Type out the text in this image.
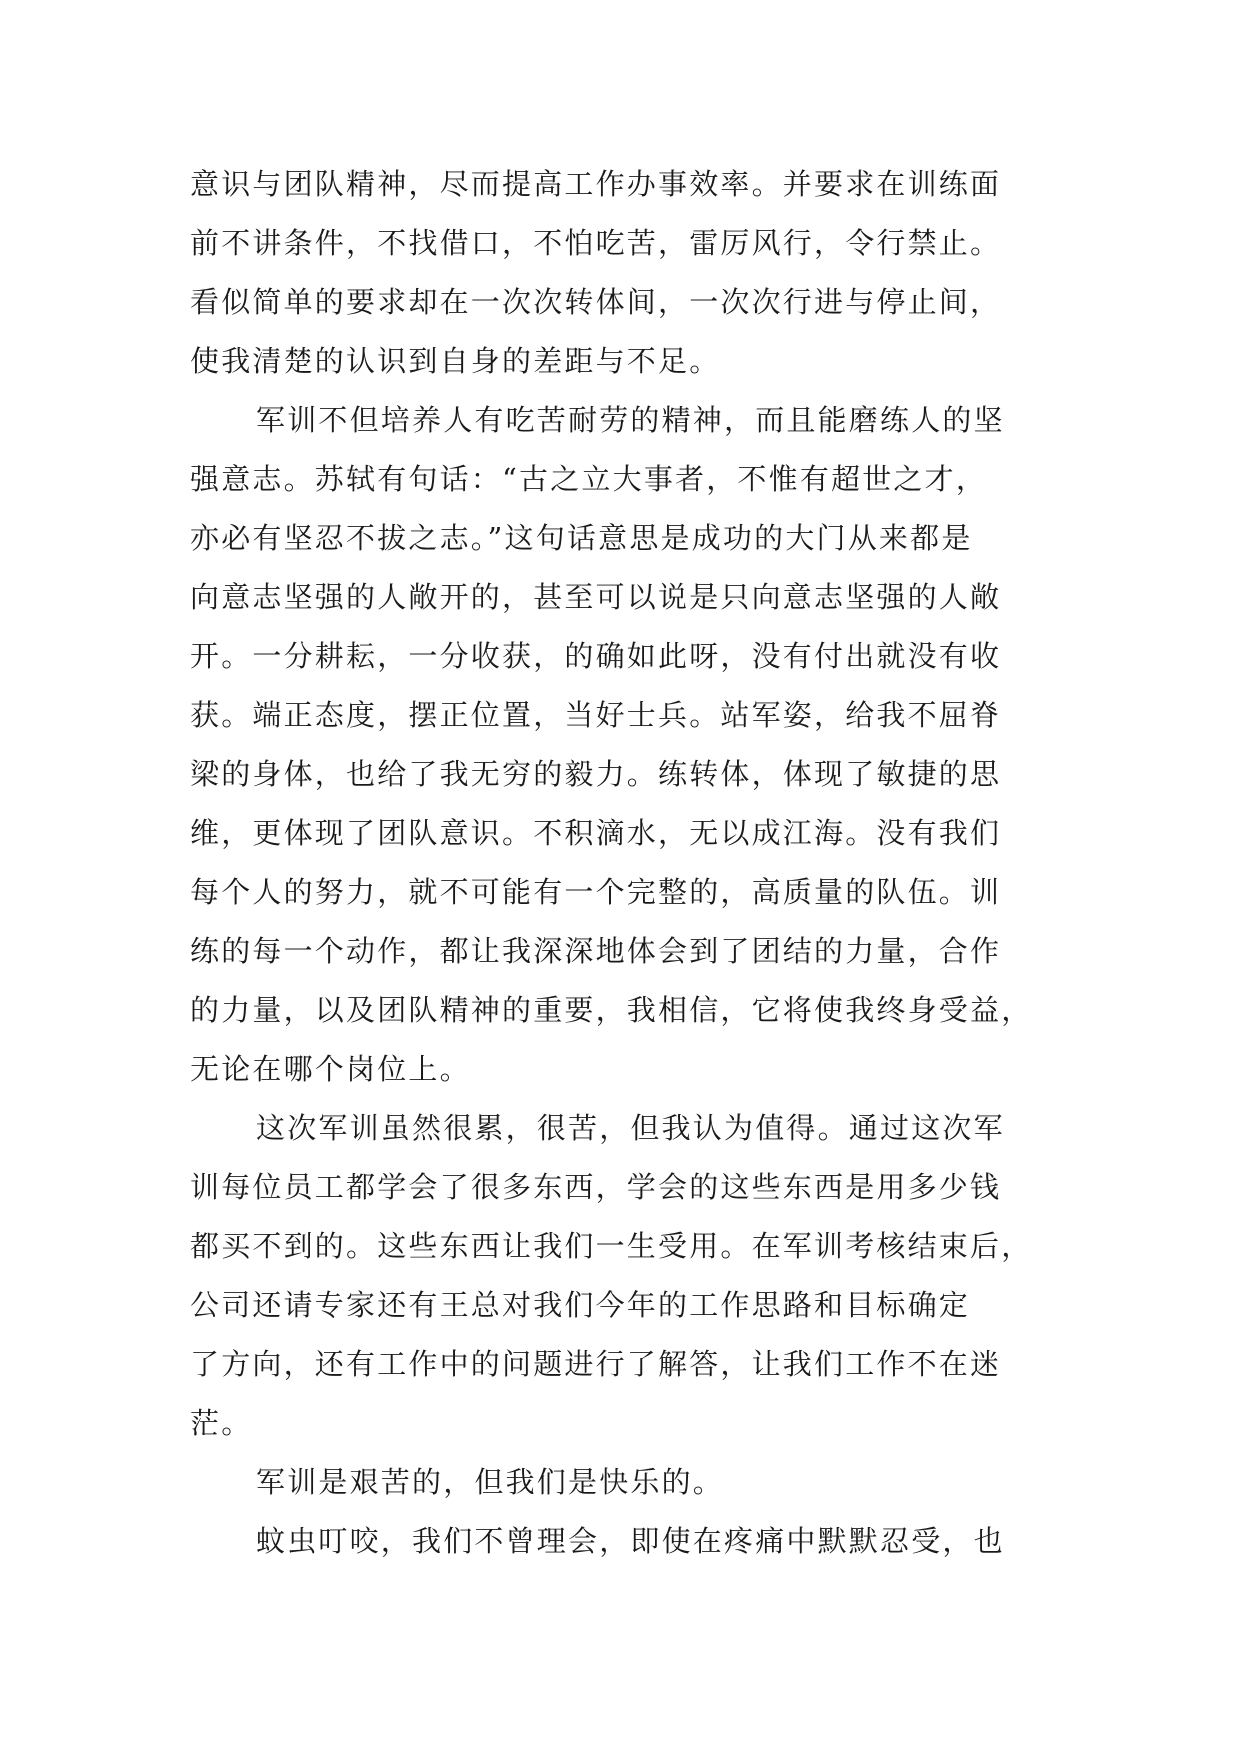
意识与团队精神，尽而提高工作办事效率。并要求在训练面
前不讲条件，不找借口，不怕吃苦，雷厉风行，令行禁止。
看似简单的要求却在一次次转体间，一次次行进与停止间，
使我清楚的认识到自身的差距与不足。
军训不但培养人有吃苦耐劳的精神，而且能磨练人的坚
强意志。苏轼有句话：“古之立大事者，不惟有超世之才，
亦必有坚忍不拔之志。”这句话意思是成功的大门从来都是
向意志坚强的人敞开的，甚至可以说是只向意志坚强的人敞
开。一分耕耘，一分收获，的确如此呀，没有付出就没有收
获。端正态度，摆正位置，当好士兵。站军姿，给我不屈脊
梁的身体，也给了我无穷的毅力。练转体，体现了敏捷的思
维，更体现了团队意识。不积滴水，无以成江海。没有我们
每个人的努力，就不可能有一个完整的，高质量的队伍。训
练的每一个动作，都让我深深地体会到了团结的力量，合作
的力量，以及团队精神的重要，我相信，它将使我终身受益，
无论在哪个岗位上。
这次军训虽然很累，很苦，但我认为值得。通过这次军
训每位员工都学会了很多东西，学会的这些东西是用多少钱
都买不到的。这些东西让我们一生受用。在军训考核结束后，
公司还请专家还有王总对我们今年的工作思路和目标确定
了方向，还有工作中的问题进行了解答，让我们工作不在迷
茫。
军训是艰苦的，但我们是快乐的。
蚊虫叮咬，我们不曾理会，即使在疼痛中默默忍受，也
